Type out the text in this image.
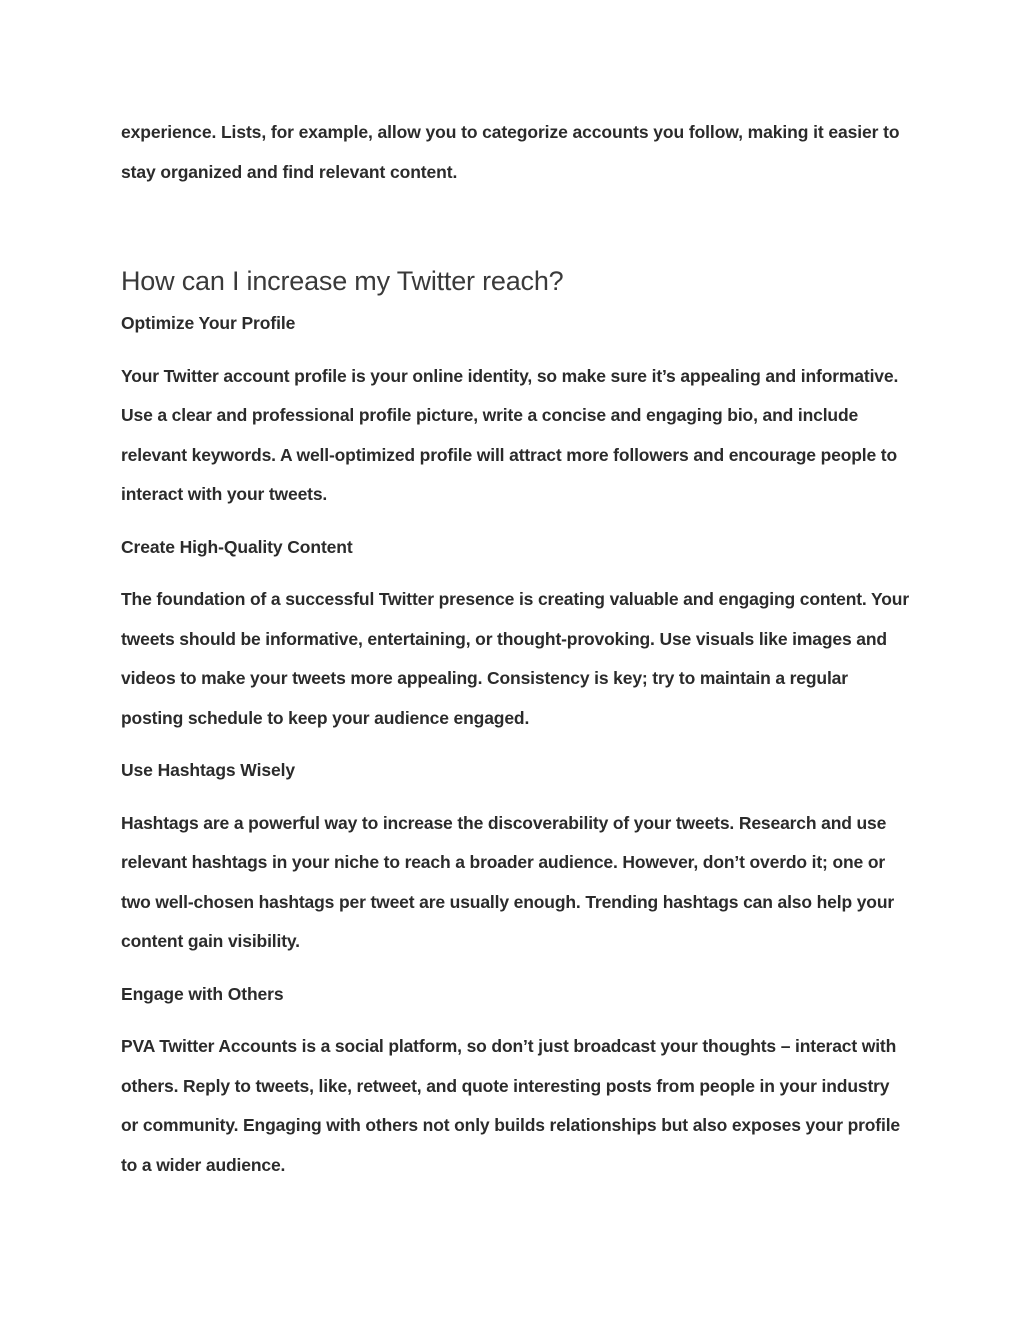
experience. Lists, for example, allow you to categorize accounts you follow, making it easier to stay organized and find relevant content.

How can I increase my Twitter reach?

Optimize Your Profile

Your Twitter account profile is your online identity, so make sure it’s appealing and informative. Use a clear and professional profile picture, write a concise and engaging bio, and include relevant keywords. A well-optimized profile will attract more followers and encourage people to interact with your tweets.

Create High-Quality Content

The foundation of a successful Twitter presence is creating valuable and engaging content. Your tweets should be informative, entertaining, or thought-provoking. Use visuals like images and videos to make your tweets more appealing. Consistency is key; try to maintain a regular posting schedule to keep your audience engaged.

Use Hashtags Wisely

Hashtags are a powerful way to increase the discoverability of your tweets. Research and use relevant hashtags in your niche to reach a broader audience. However, don’t overdo it; one or two well-chosen hashtags per tweet are usually enough. Trending hashtags can also help your content gain visibility.

Engage with Others

PVA Twitter Accounts is a social platform, so don’t just broadcast your thoughts – interact with others. Reply to tweets, like, retweet, and quote interesting posts from people in your industry or community. Engaging with others not only builds relationships but also exposes your profile to a wider audience.
